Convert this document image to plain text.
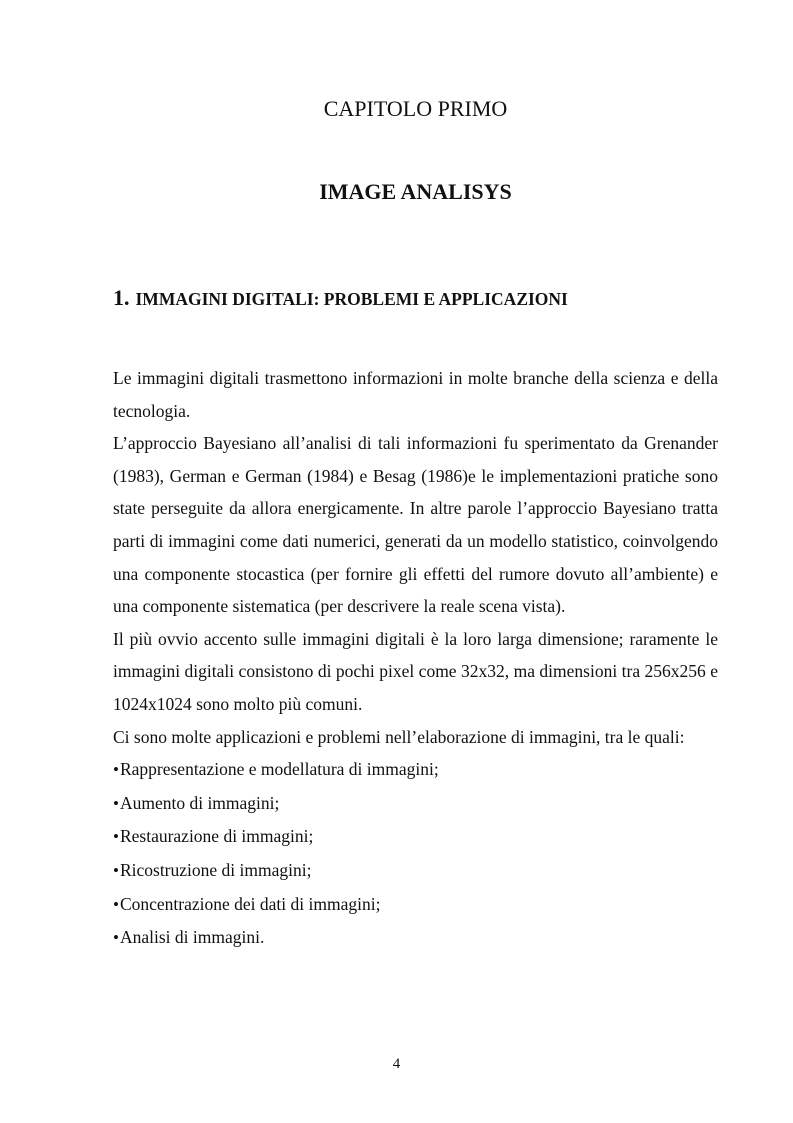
CAPITOLO PRIMO
IMAGE ANALISYS
1. IMMAGINI DIGITALI: PROBLEMI E APPLICAZIONI

Le immagini digitali trasmettono informazioni in molte branche della scienza e della tecnologia.

L’approccio Bayesiano all’analisi di tali informazioni fu sperimentato da Grenander (1983), German e German (1984) e Besag (1986)e le implementazioni pratiche sono state perseguite da allora energicamente. In altre parole l’approccio Bayesiano tratta parti di immagini come dati numerici, generati da un modello statistico, coinvolgendo una componente stocastica (per fornire gli effetti del rumore dovuto all’ambiente) e una componente sistematica (per descrivere la reale scena vista).

Il più ovvio accento sulle immagini digitali è la loro larga dimensione; raramente le immagini digitali consistono di pochi pixel come 32x32, ma dimensioni tra 256x256 e 1024x1024 sono molto più comuni.

Ci sono molte applicazioni e problemi nell’elaborazione di immagini, tra le quali:

•Rappresentazione e modellatura di immagini;
•Aumento di immagini;
•Restaurazione di immagini;
•Ricostruzione di immagini;
•Concentrazione dei dati di immagini;
•Analisi di immagini.
4
